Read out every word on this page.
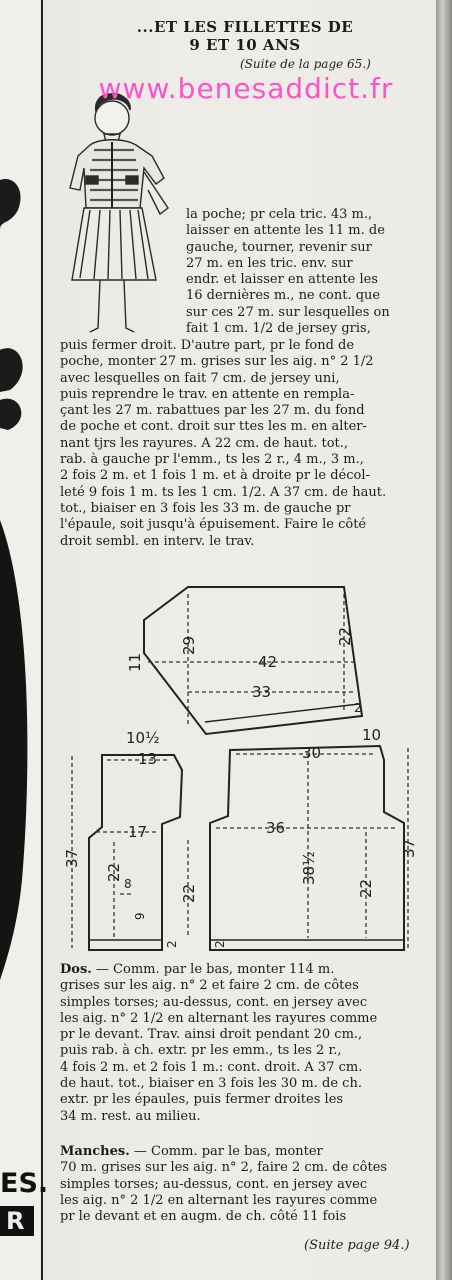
...ET LES FILLETTES DE
9 ET 10 ANS
(Suite de la page 65.)
www.benesaddict.fr
la poche; pr cela tric. 43 m.,
laisser en attente les 11 m. de
gauche, tourner, revenir sur
27 m. en les tric. env. sur
endr. et laisser en attente les
16 dernières m., ne cont. que
sur ces 27 m. sur lesquelles on
fait 1 cm. 1/2 de jersey gris,
puis fermer droit. D'autre part, pr le fond de
poche, monter 27 m. grises sur les aig. n° 2 1/2
avec lesquelles on fait 7 cm. de jersey uni,
puis reprendre le trav. en attente en rempla-
çant les 27 m. rabattues par les 27 m. du fond
de poche et cont. droit sur ttes les m. en alter-
nant tjrs les rayures. A 22 cm. de haut. tot.,
rab. à gauche pr l'emm., ts les 2 r., 4 m., 3 m.,
2 fois 2 m. et 1 fois 1 m. et à droite pr le décol-
leté 9 fois 1 m. ts les 1 cm. 1/2. A 37 cm. de haut.
tot., biaiser en 3 fois les 33 m. de gauche pr
l'épaule, soit jusqu'à épuisement. Faire le côté
droit sembl. en interv. le trav.
42
33
29	22
11
2
10½
13
17
37
22
8
9
22
2
10
30
36
38½
37
22
2
Dos. — Comm. par le bas, monter 114 m.
grises sur les aig. n° 2 et faire 2 cm. de côtes
simples torses; au-dessus, cont. en jersey avec
les aig. n° 2 1/2 en alternant les rayures comme
pr le devant. Trav. ainsi droit pendant 20 cm.,
puis rab. à ch. extr. pr les emm., ts les 2 r.,
4 fois 2 m. et 2 fois 1 m.: cont. droit. A 37 cm.
de haut. tot., biaiser en 3 fois les 30 m. de ch.
extr. pr les épaules, puis fermer droites les
34 m. rest. au milieu.
Manches. — Comm. par le bas, monter
70 m. grises sur les aig. n° 2, faire 2 cm. de côtes
simples torses; au-dessus, cont. en jersey avec
les aig. n° 2 1/2 en alternant les rayures comme
pr le devant et en augm. de ch. côté 11 fois
(Suite page 94.)
ES.
R
